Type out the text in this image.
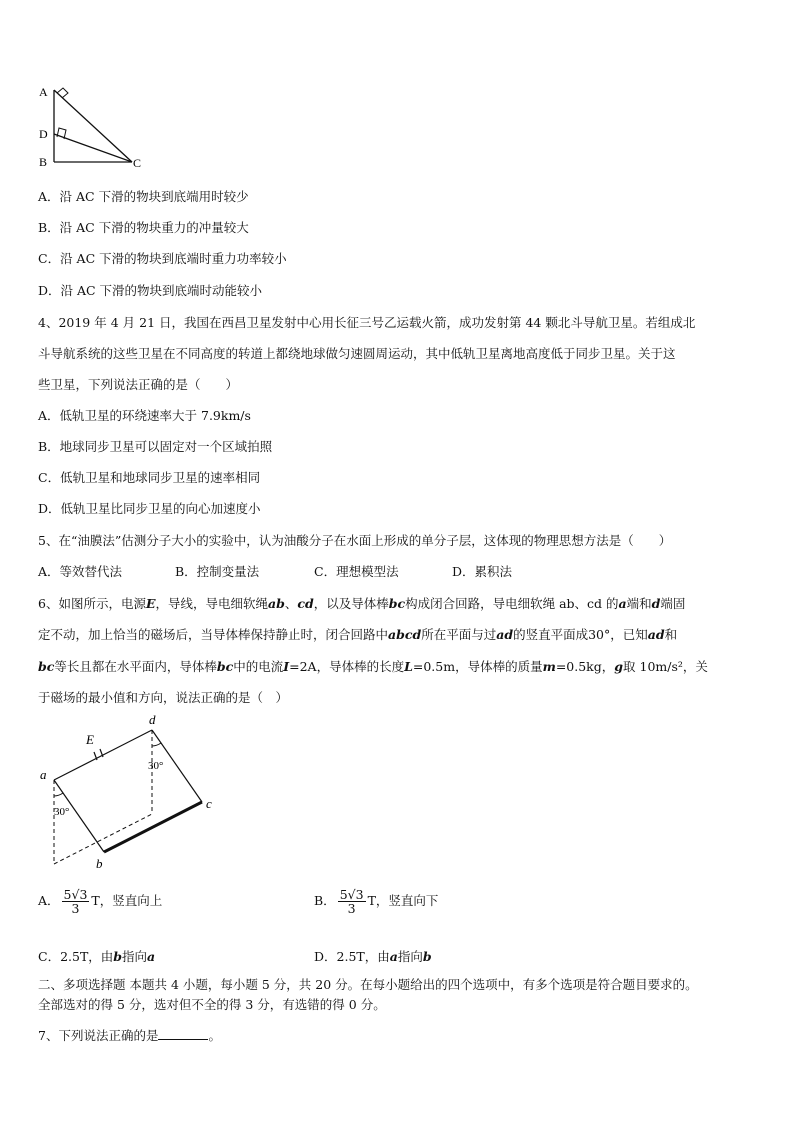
A
D
B	C
A．沿 AC 下滑的物块到底端用时较少
B．沿 AC 下滑的物块重力的冲量较大
C．沿 AC 下滑的物块到底端时重力功率较小
D．沿 AC 下滑的物块到底端时动能较小
4、2019 年 4 月 21 日，我国在西昌卫星发射中心用长征三号乙运载火箭，成功发射第 44 颗北斗导航卫星。若组成北
斗导航系统的这些卫星在不同高度的转道上都绕地球做匀速圆周运动，其中低轨卫星离地高度低于同步卫星。关于这
些卫星，下列说法正确的是（　　）
A．低轨卫星的环绕速率大于 7.9km/s
B．地球同步卫星可以固定对一个区域拍照
C．低轨卫星和地球同步卫星的速率相同
D．低轨卫星比同步卫星的向心加速度小
5、在“油膜法”估测分子大小的实验中，认为油酸分子在水面上形成的单分子层，这体现的物理思想方法是（　　）
A．等效替代法	B．控制变量法	C．理想模型法	D．累积法
6、如图所示，电源E，导线，导电细软绳ab、cd，以及导体棒bc构成闭合回路，导电细软绳 ab、cd 的a端和d端固
定不动，加上恰当的磁场后，当导体棒保持静止时，闭合回路中abcd所在平面与过ad的竖直平面成30°，已知ad和
bc等长且都在水平面内，导体棒bc中的电流I=2A，导体棒的长度L=0.5m，导体棒的质量m=0.5kg，g取 10m/s²，关
于磁场的最小值和方向，说法正确的是（　）
E
a
b
c
d
30°
30°
A． $\frac{5√3}{3}$ T，竖直向上	B． $\frac{5√3}{3}$ T，竖直向下
C．2.5T，由b指向a	D．2.5T，由a指向b
二、多项选择题 本题共 4 小题，每小题 5 分，共 20 分。在每小题给出的四个选项中，有多个选项是符合题目要求的。
全部选对的得 5 分，选对但不全的得 3 分，有选错的得 0 分。
7、下列说法正确的是	。
